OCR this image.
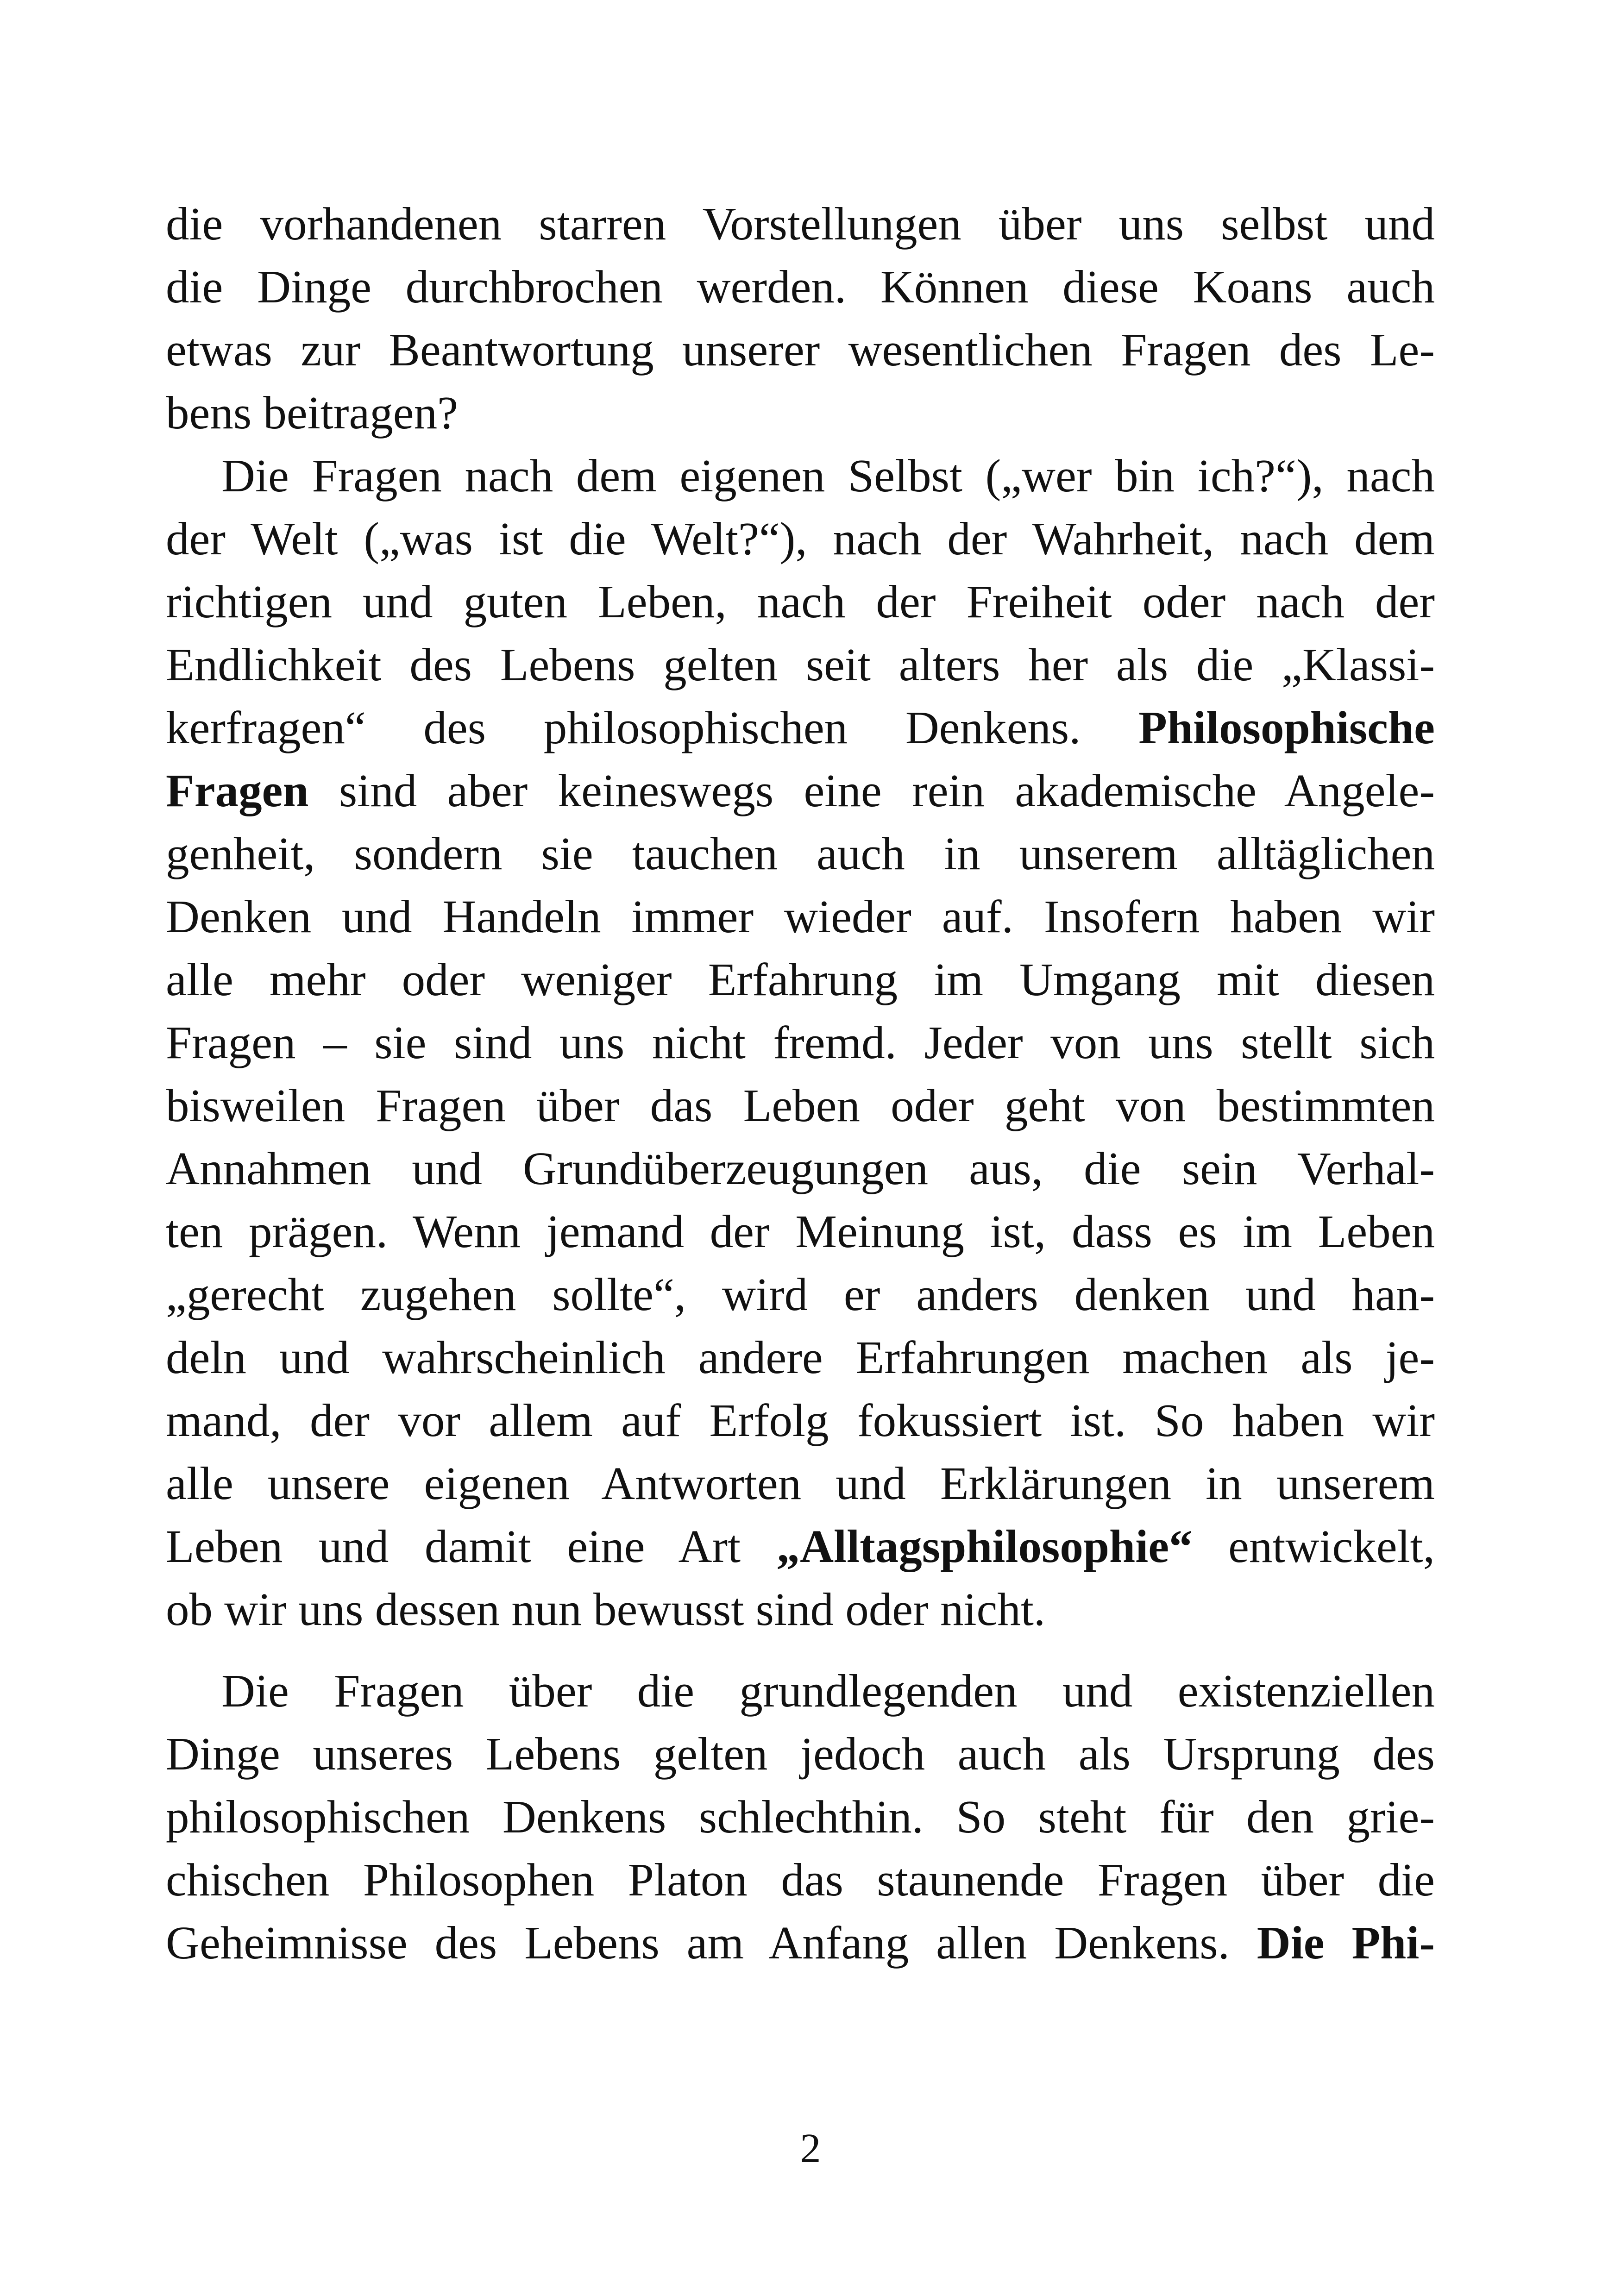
die vorhandenen starren Vorstellungen über uns selbst und
die Dinge durchbrochen werden. Können diese Koans auch
etwas zur Beantwortung unserer wesentlichen Fragen des Le-
bens beitragen?
Die Fragen nach dem eigenen Selbst („wer bin ich?“), nach
der Welt („was ist die Welt?“), nach der Wahrheit, nach dem
richtigen und guten Leben, nach der Freiheit oder nach der
Endlichkeit des Lebens gelten seit alters her als die „Klassi-
kerfragen“ des philosophischen Denkens. Philosophische
Fragen sind aber keineswegs eine rein akademische Angele-
genheit, sondern sie tauchen auch in unserem alltäglichen
Denken und Handeln immer wieder auf. Insofern haben wir
alle mehr oder weniger Erfahrung im Umgang mit diesen
Fragen – sie sind uns nicht fremd. Jeder von uns stellt sich
bisweilen Fragen über das Leben oder geht von bestimmten
Annahmen und Grundüberzeugungen aus, die sein Verhal-
ten prägen. Wenn jemand der Meinung ist, dass es im Leben
„gerecht zugehen sollte“, wird er anders denken und han-
deln und wahrscheinlich andere Erfahrungen machen als je-
mand, der vor allem auf Erfolg fokussiert ist. So haben wir
alle unsere eigenen Antworten und Erklärungen in unserem
Leben und damit eine Art „Alltagsphilosophie“ entwickelt,
ob wir uns dessen nun bewusst sind oder nicht.
Die Fragen über die grundlegenden und existenziellen
Dinge unseres Lebens gelten jedoch auch als Ursprung des
philosophischen Denkens schlechthin. So steht für den grie-
chischen Philosophen Platon das staunende Fragen über die
Geheimnisse des Lebens am Anfang allen Denkens. Die Phi-
2
